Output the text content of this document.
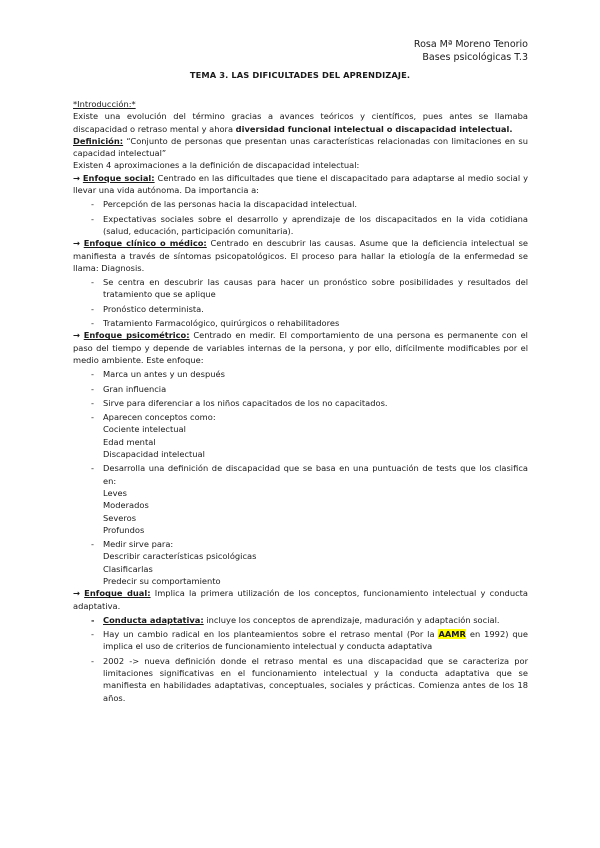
Rosa Mª Moreno Tenorio
Bases psicológicas T.3
TEMA 3. LAS DIFICULTADES DEL APRENDIZAJE.

*Introducción:*

Existe una evolución del término gracias a avances teóricos y científicos, pues antes se llamaba discapacidad o retraso mental y ahora diversidad funcional intelectual o discapacidad intelectual.

Definición: “Conjunto de personas que presentan unas características relacionadas con limitaciones en su capacidad intelectual”

Existen 4 aproximaciones a la definición de discapacidad intelectual:

→ Enfoque social: Centrado en las dificultades que tiene el discapacitado para adaptarse al medio social y llevar una vida autónoma. Da importancia a:

- Percepción de las personas hacia la discapacidad intelectual.

- Expectativas sociales sobre el desarrollo y aprendizaje de los discapacitados en la vida cotidiana (salud, educación, participación comunitaria).

→ Enfoque clínico o médico: Centrado en descubrir las causas. Asume que la deficiencia intelectual se manifiesta a través de síntomas psicopatológicos. El proceso para hallar la etiología de la enfermedad se llama: Diagnosis.

- Se centra en descubrir las causas para hacer un pronóstico sobre posibilidades y resultados del tratamiento que se aplique

- Pronóstico determinista.

- Tratamiento Farmacológico, quirúrgicos o rehabilitadores

→ Enfoque psicométrico: Centrado en medir. El comportamiento de una persona es permanente con el paso del tiempo y depende de variables internas de la persona, y por ello, difícilmente modificables por el medio ambiente. Este enfoque:

- Marca un antes y un después

- Gran influencia

- Sirve para diferenciar a los niños capacitados de los no capacitados.

- Aparecen conceptos como:

Cociente intelectual

Edad mental

Discapacidad intelectual

- Desarrolla una definición de discapacidad que se basa en una puntuación de tests que los clasifica en:

Leves

Moderados

Severos

Profundos

- Medir sirve para:

Describir características psicológicas

Clasificarlas

Predecir su comportamiento

→ Enfoque dual: Implica la primera utilización de los conceptos, funcionamiento intelectual y conducta adaptativa.

- Conducta adaptativa: incluye los conceptos de aprendizaje, maduración y adaptación social.

- Hay un cambio radical en los planteamientos sobre el retraso mental (Por la AAMR en 1992) que implica el uso de criterios de funcionamiento intelectual y conducta adaptativa

- 2002 -> nueva definición donde el retraso mental es una discapacidad que se caracteriza por limitaciones significativas en el funcionamiento intelectual y la conducta adaptativa que se manifiesta en habilidades adaptativas, conceptuales, sociales y prácticas. Comienza antes de los 18 años.
